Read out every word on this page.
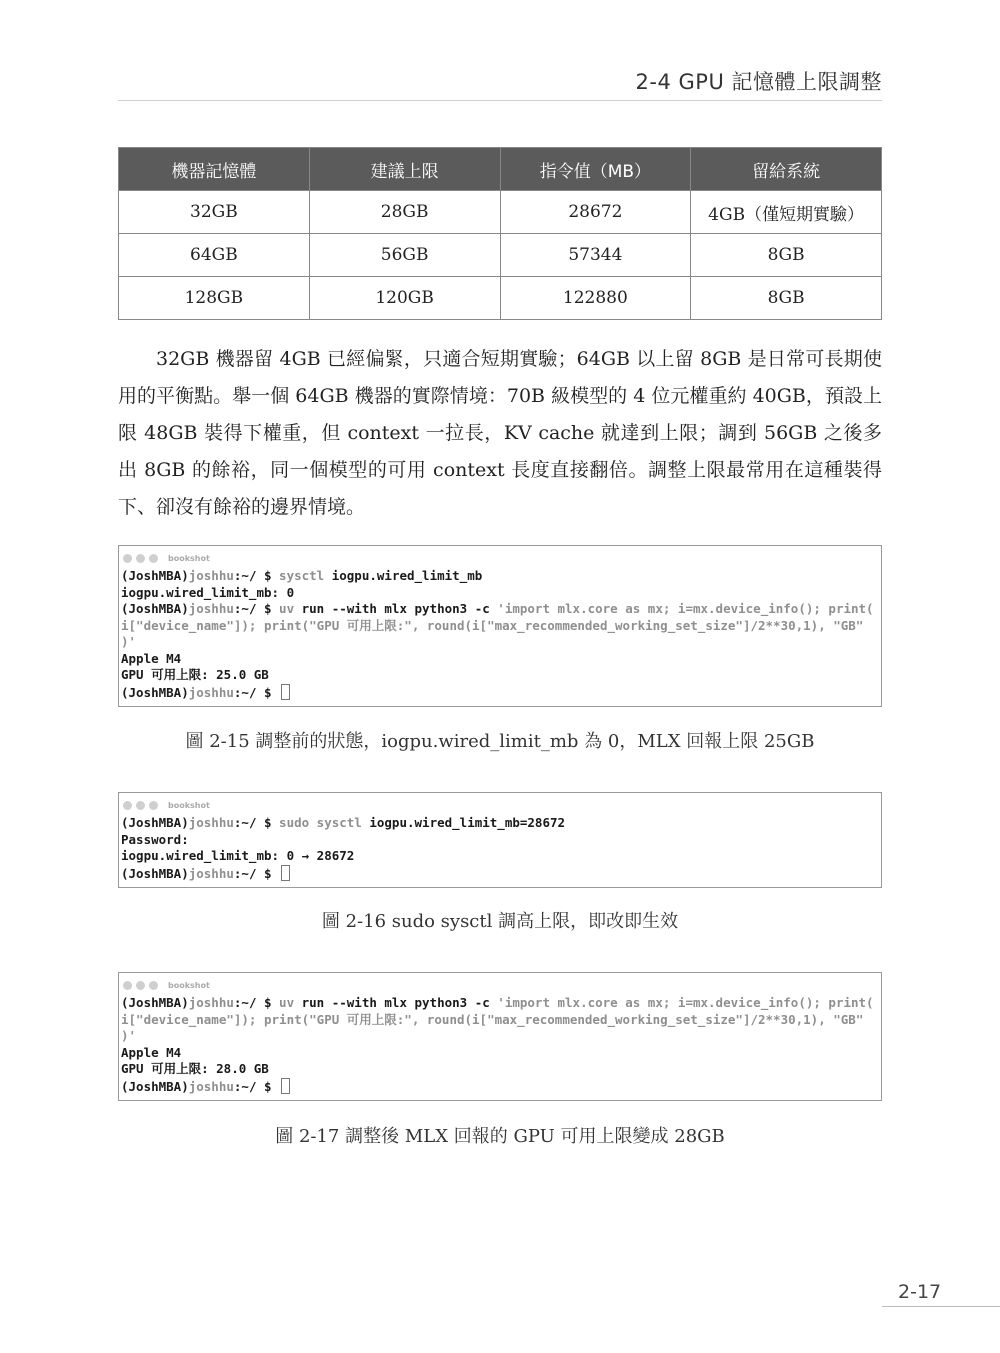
2-4 GPU 記憶體上限調整
機器記憶體	建議上限	指令值（MB）	留給系統
32GB	28GB	28672	4GB（僅短期實驗）
64GB	56GB	57344	8GB
128GB	120GB	122880	8GB

32GB 機器留 4GB 已經偏緊，只適合短期實驗；64GB 以上留 8GB 是日常可長期使用的平衡點。舉一個 64GB 機器的實際情境：70B 級模型的 4 位元權重約 40GB，預設上限 48GB 裝得下權重，但 context 一拉長，KV cache 就達到上限；調到 56GB 之後多出 8GB 的餘裕，同一個模型的可用 context 長度直接翻倍。調整上限最常用在這種裝得下、卻沒有餘裕的邊界情境。

bookshot
(JoshMBA)joshhu:~/ $ sysctl iogpu.wired_limit_mb
iogpu.wired_limit_mb: 0
(JoshMBA)joshhu:~/ $ uv run --with mlx python3 -c 'import mlx.core as mx; i=mx.device_info(); print(
i["device_name"]); print("GPU 可用上限:", round(i["max_recommended_working_set_size"]/2**30,1), "GB"
)'
Apple M4
GPU 可用上限: 25.0 GB
(JoshMBA)joshhu:~/ $
圖 2-15 調整前的狀態，iogpu.wired_limit_mb 為 0，MLX 回報上限 25GB
bookshot
(JoshMBA)joshhu:~/ $ sudo sysctl iogpu.wired_limit_mb=28672
Password:
iogpu.wired_limit_mb: 0 → 28672
(JoshMBA)joshhu:~/ $
圖 2-16 sudo sysctl 調高上限，即改即生效
bookshot
(JoshMBA)joshhu:~/ $ uv run --with mlx python3 -c 'import mlx.core as mx; i=mx.device_info(); print(
i["device_name"]); print("GPU 可用上限:", round(i["max_recommended_working_set_size"]/2**30,1), "GB"
)'
Apple M4
GPU 可用上限: 28.0 GB
(JoshMBA)joshhu:~/ $
圖 2-17 調整後 MLX 回報的 GPU 可用上限變成 28GB
2-17
